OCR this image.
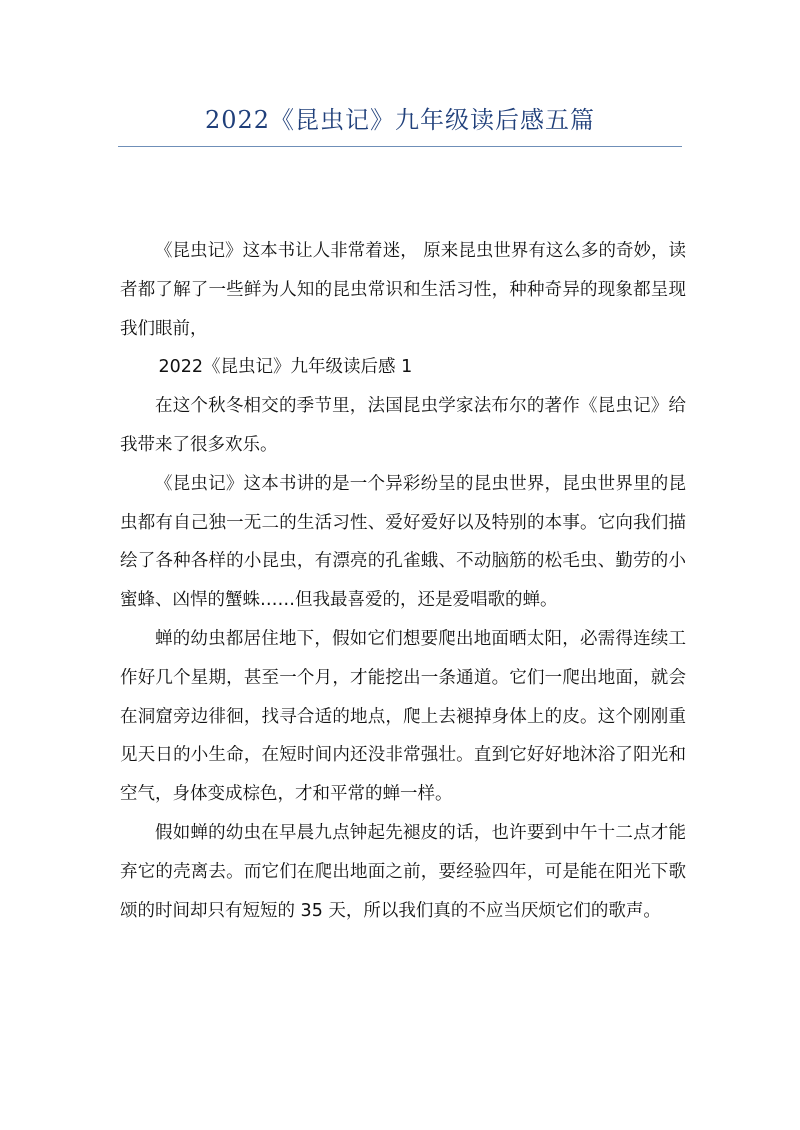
2022《昆虫记》九年级读后感五篇

《昆虫记》这本书让人非常着迷， 原来昆虫世界有这么多的奇妙，读者都了解了一些鲜为人知的昆虫常识和生活习性，种种奇异的现象都呈现我们眼前，

2022《昆虫记》九年级读后感 1

在这个秋冬相交的季节里，法国昆虫学家法布尔的著作《昆虫记》给我带来了很多欢乐。

《昆虫记》这本书讲的是一个异彩纷呈的昆虫世界，昆虫世界里的昆虫都有自己独一无二的生活习性、爱好爱好以及特别的本事。它向我们描绘了各种各样的小昆虫，有漂亮的孔雀蛾、不动脑筋的松毛虫、勤劳的小蜜蜂、凶悍的蟹蛛……但我最喜爱的，还是爱唱歌的蝉。

蝉的幼虫都居住地下，假如它们想要爬出地面晒太阳，必需得连续工作好几个星期，甚至一个月，才能挖出一条通道。它们一爬出地面，就会在洞窟旁边徘徊，找寻合适的地点，爬上去褪掉身体上的皮。这个刚刚重见天日的小生命，在短时间内还没非常强壮。直到它好好地沐浴了阳光和空气，身体变成棕色，才和平常的蝉一样。

假如蝉的幼虫在早晨九点钟起先褪皮的话，也许要到中午十二点才能弃它的壳离去。而它们在爬出地面之前，要经验四年，可是能在阳光下歌颂的时间却只有短短的 35 天，所以我们真的不应当厌烦它们的歌声。
